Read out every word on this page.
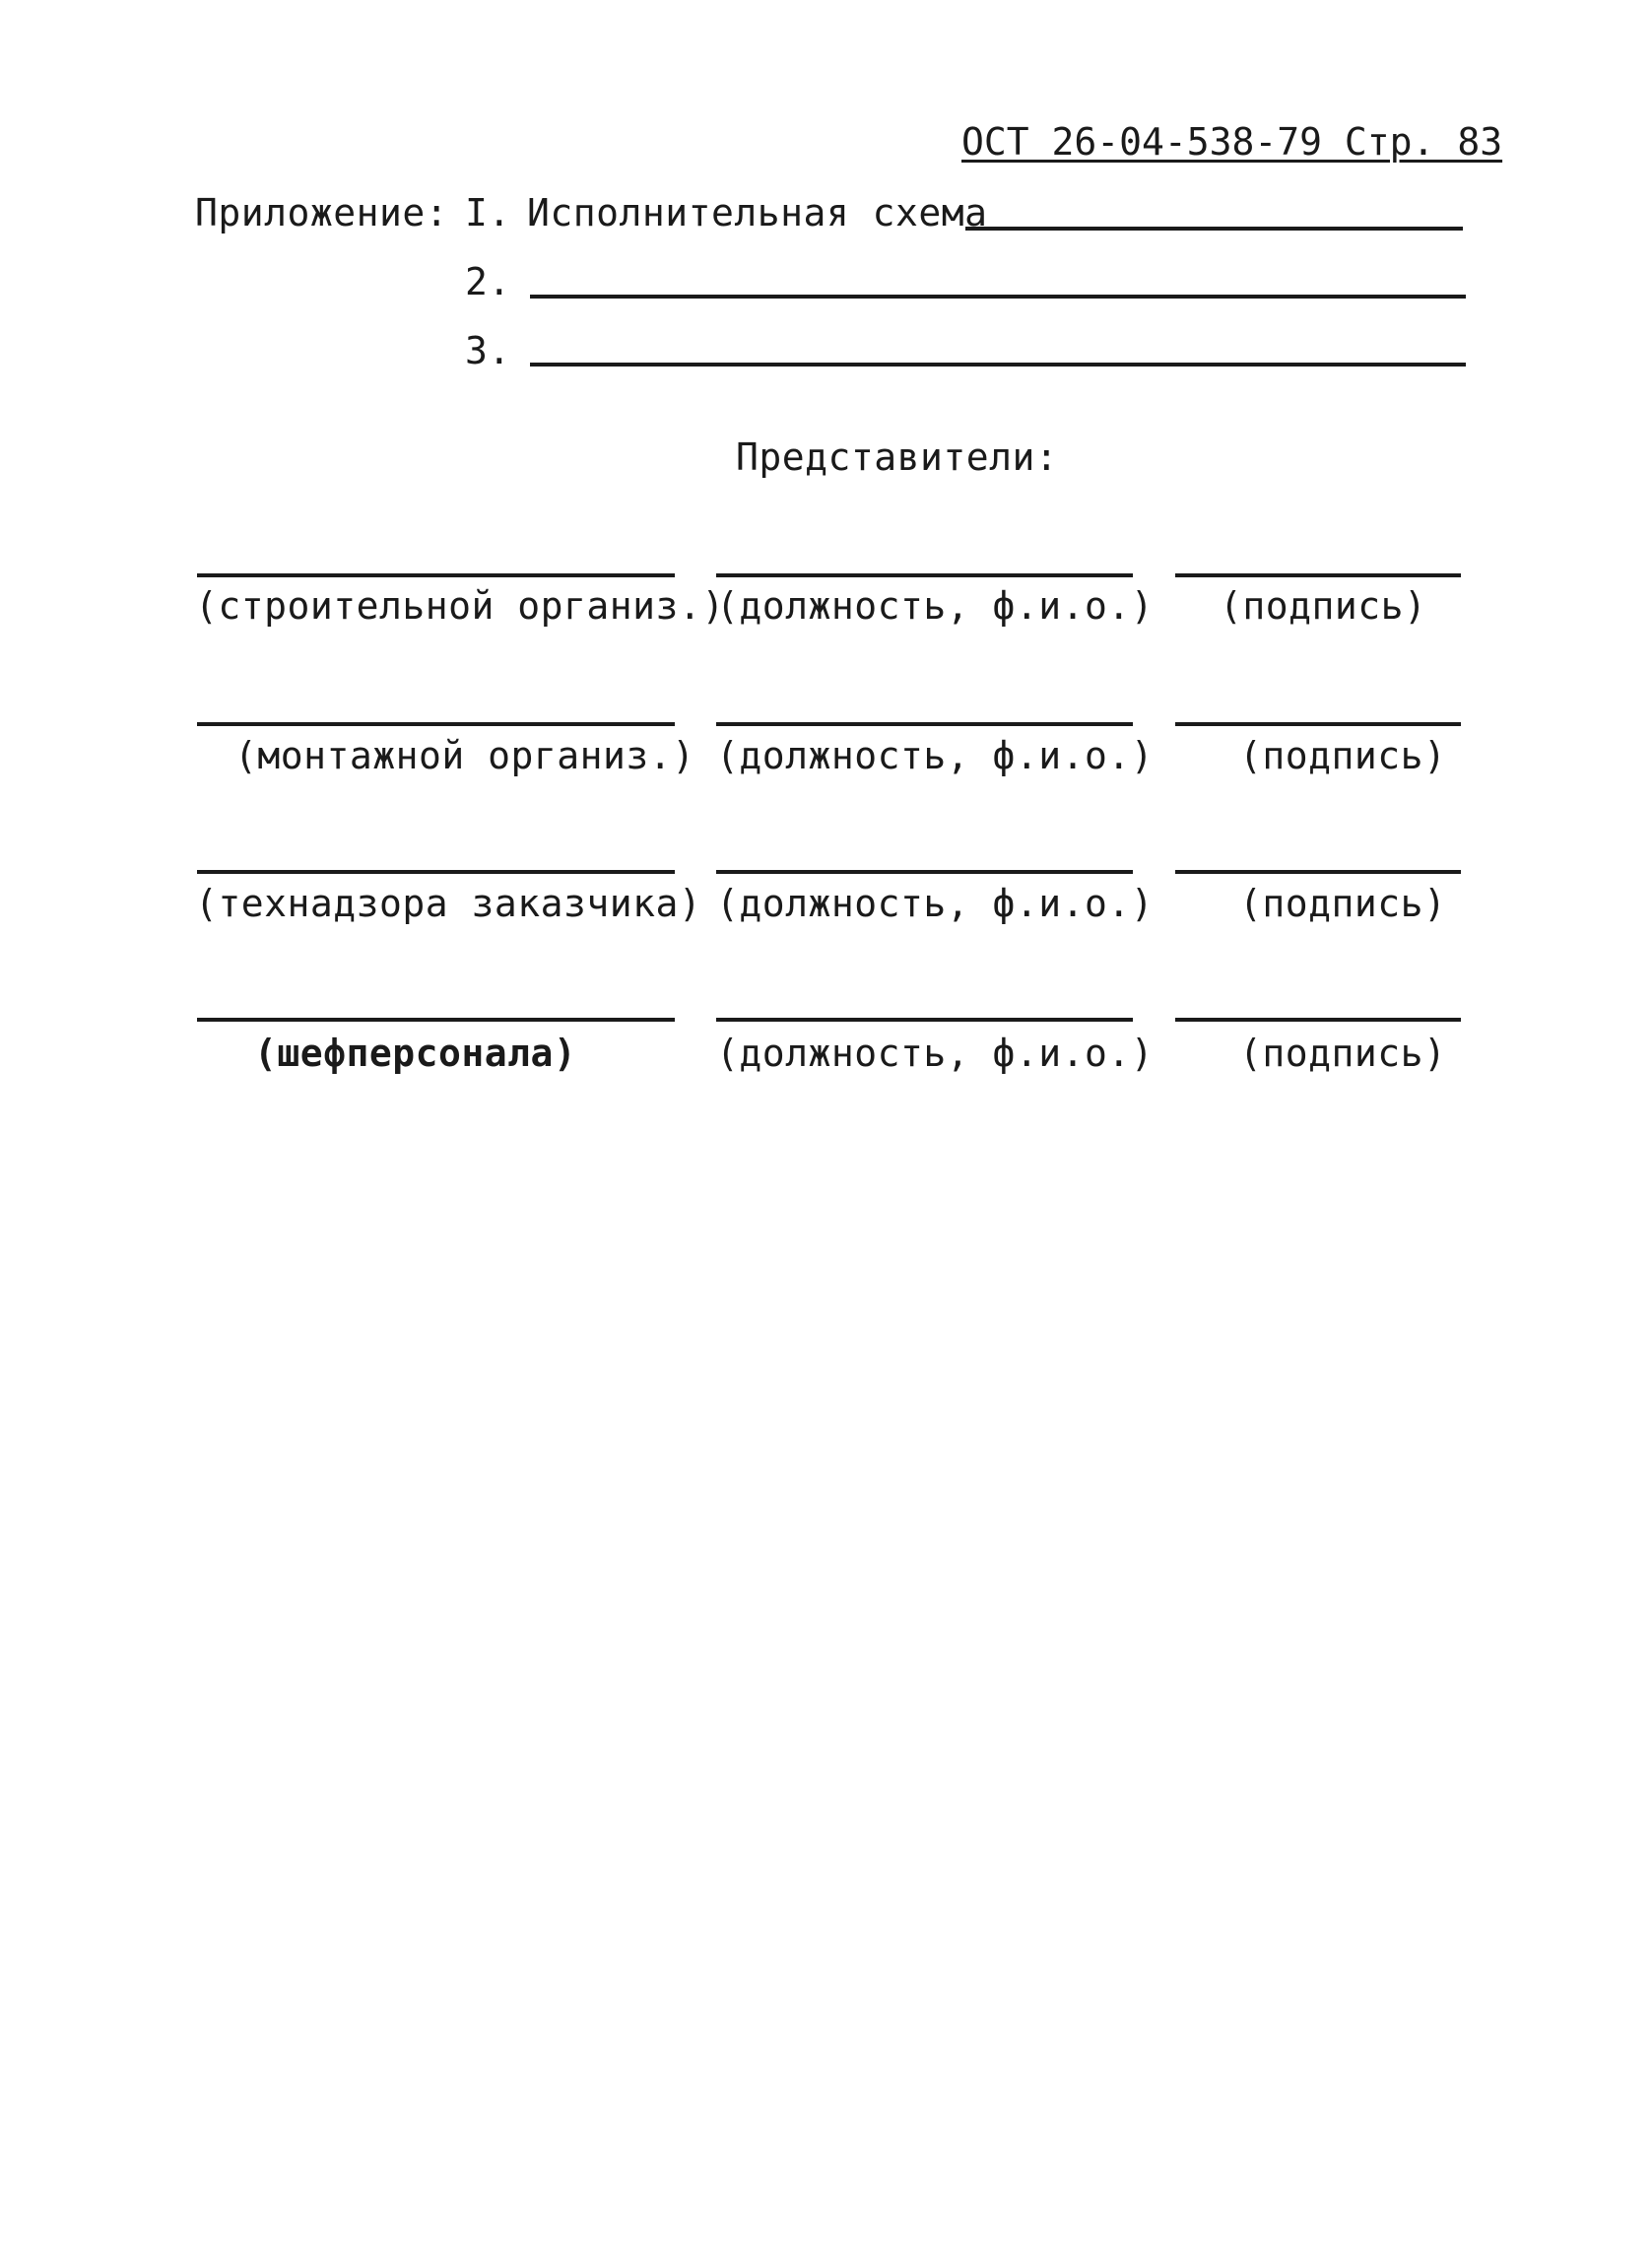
ОСТ 26-04-538-79 Стр. 83
Приложение: I. Исполнительная схема
2.
3.
Представители:
(строительной организ.)
(должность, ф.и.о.) (подпись)
(монтажной организ.) (должность, ф.и.о.) (подпись)
(технадзора заказчика) (должность, ф.и.о.) (подпись)
(шефперсонала)	(должность, ф.и.о.) (подпись)
